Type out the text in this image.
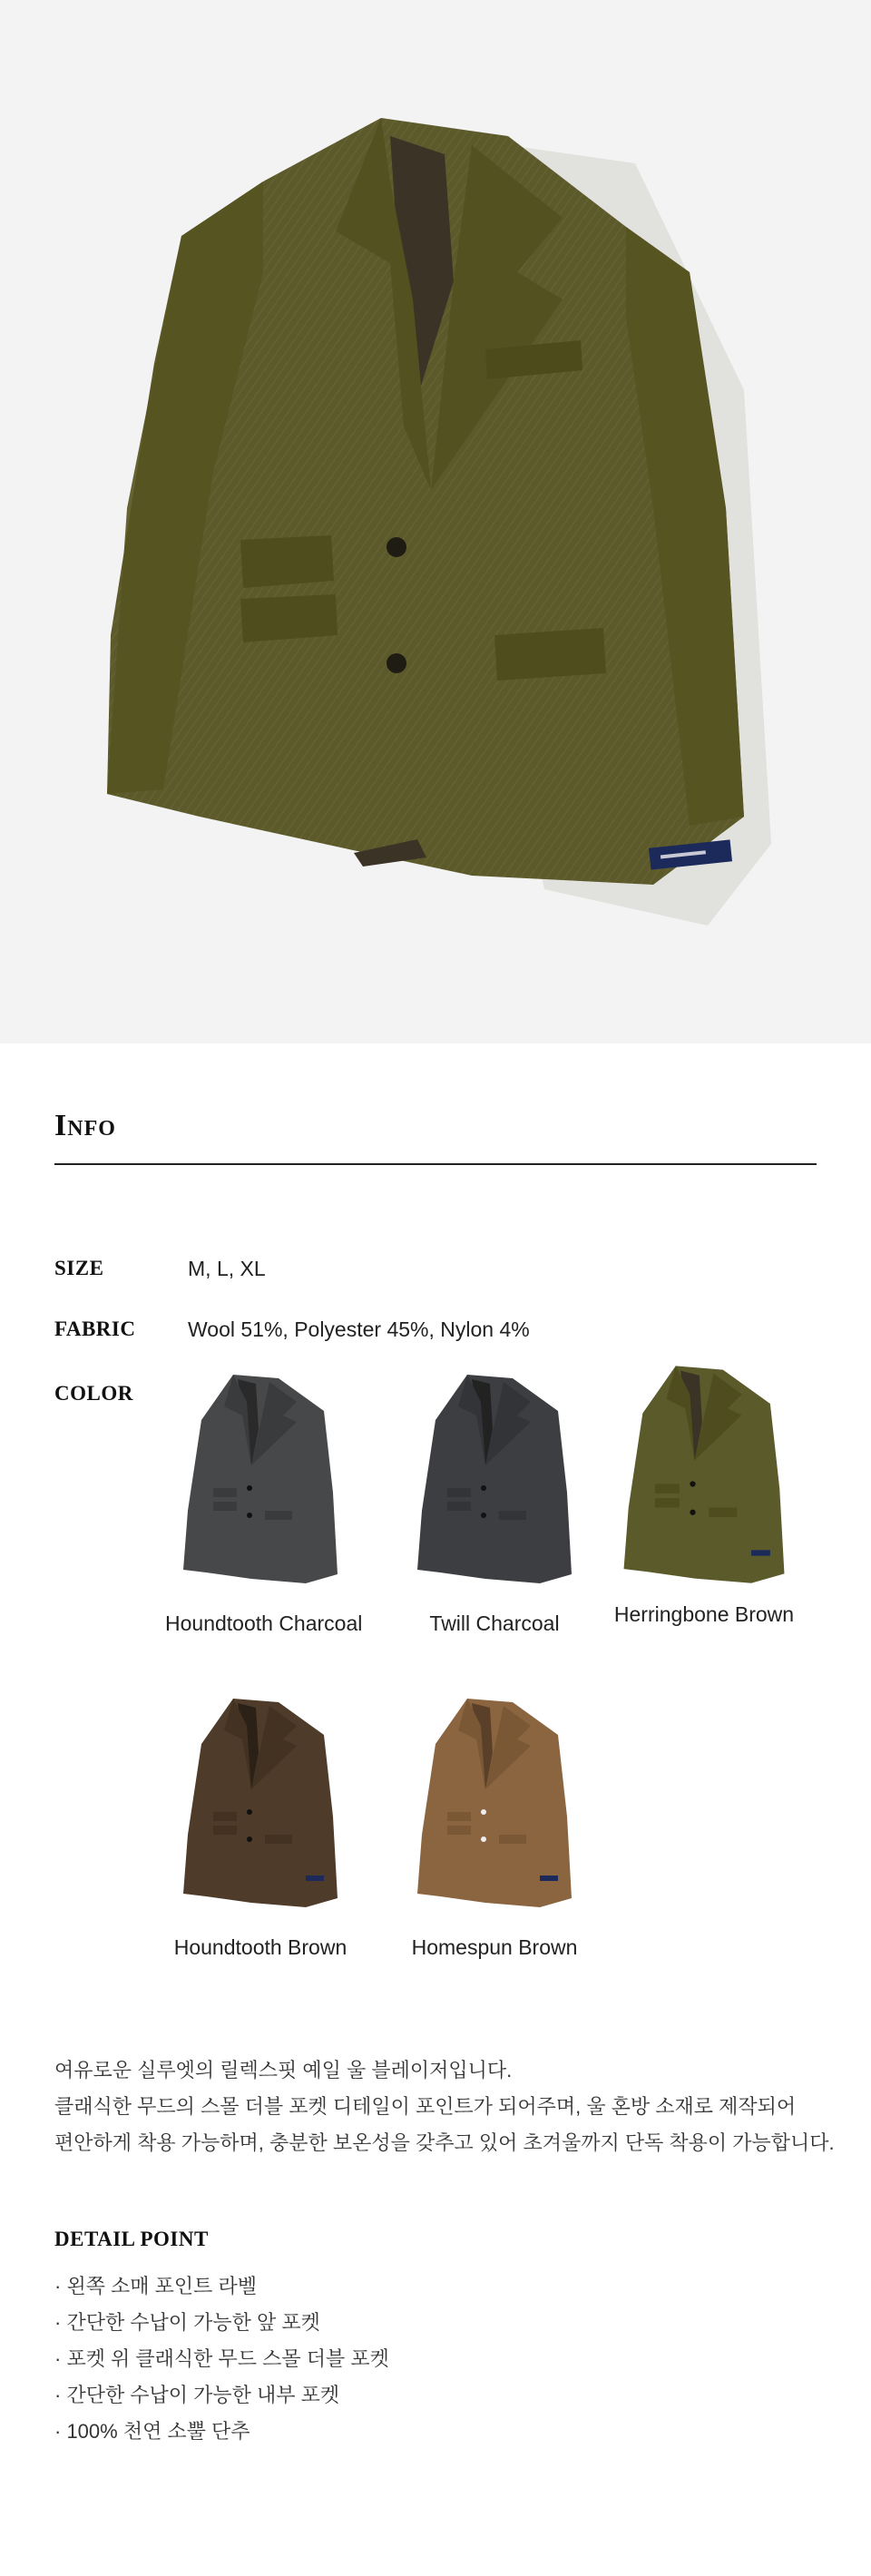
Info
SIZE	M, L, XL
FABRIC	Wool 51%, Polyester 45%, Nylon 4%
COLOR
Houndtooth Charcoal	Twill Charcoal	Herringbone Brown
Houndtooth Brown	Homespun Brown

여유로운 실루엣의 릴렉스핏 예일 울 블레이저입니다.

클래식한 무드의 스몰 더블 포켓 디테일이 포인트가 되어주며, 울 혼방 소재로 제작되어

편안하게 착용 가능하며, 충분한 보온성을 갖추고 있어 초겨울까지 단독 착용이 가능합니다.

DETAIL POINT
· 왼쪽 소매 포인트 라벨
· 간단한 수납이 가능한 앞 포켓
· 포켓 위 클래식한 무드 스몰 더블 포켓
· 간단한 수납이 가능한 내부 포켓
· 100% 천연 소뿔 단추
